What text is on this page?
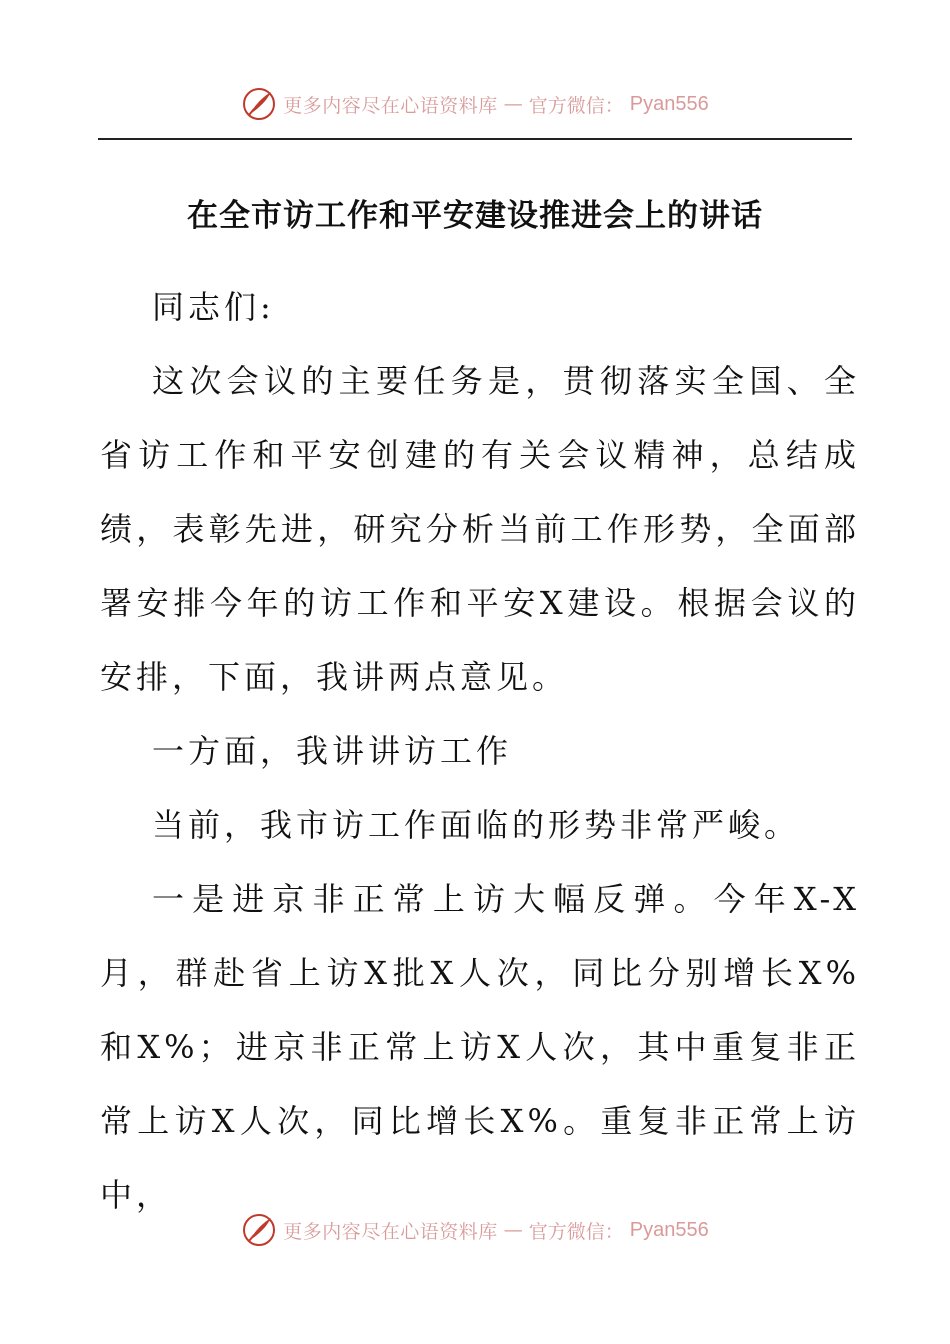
更多内容尽在心语资料库 — 官方微信： Pyan556
在全市访工作和平安建设推进会上的讲话

同志们:

这次会议的主要任务是，贯彻落实全国、全省访工作和平安创建的有关会议精神，总结成绩，表彰先进，研究分析当前工作形势，全面部署安排今年的访工作和平安X建设。根据会议的安排，下面，我讲两点意见。

一方面，我讲讲访工作

当前，我市访工作面临的形势非常严峻。

一是进京非正常上访大幅反弹。今年X-X月，群赴省上访X批X人次，同比分别增长X%和X%；进京非正常上访X人次，其中重复非正常上访X人次，同比增长X%。重复非正常上访中，

更多内容尽在心语资料库 — 官方微信： Pyan556
